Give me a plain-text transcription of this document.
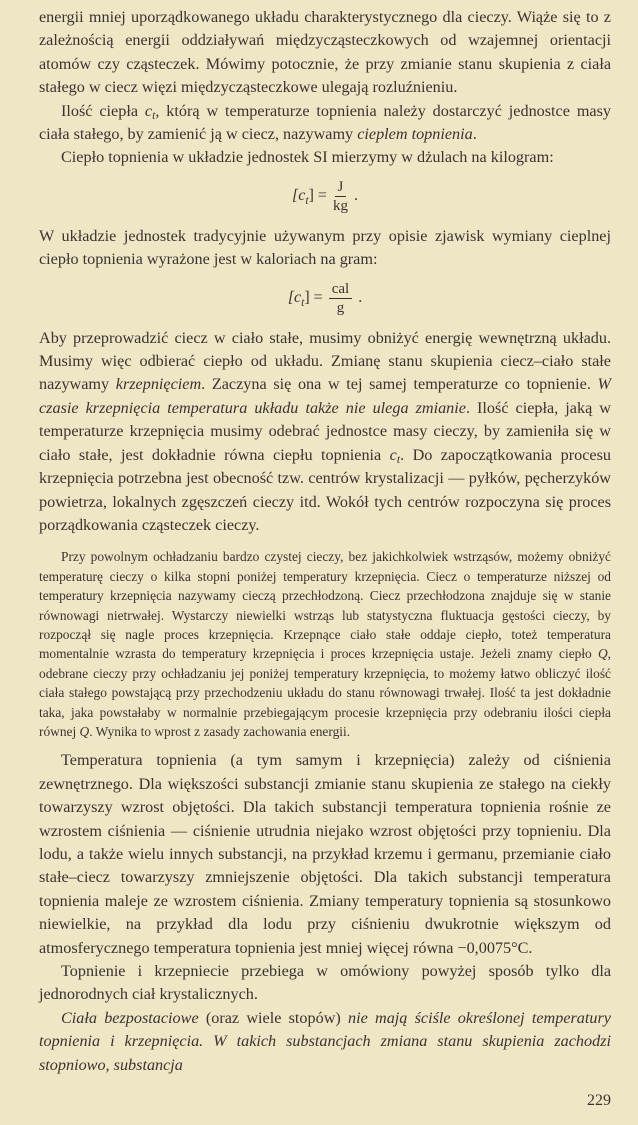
energii mniej uporządkowanego układu charakterystycznego dla cieczy. Wiąże się to z zależnością energii oddziaływań międzycząsteczkowych od wzajemnej orientacji atomów czy cząsteczek. Mówimy potocznie, że przy zmianie stanu skupienia z ciała stałego w ciecz więzi międzycząsteczkowe ulegają rozluźnieniu.

Ilość ciepła $c_t$, którą w temperaturze topnienia należy dostarczyć jednostce masy ciała stałego, by zamienić ją w ciecz, nazywamy cieplem topnienia.

Ciepło topnienia w układzie jednostek SI mierzymy w dżulach na kilogram:

$[c_t] = \frac{J}{kg}$ .

W układzie jednostek tradycyjnie używanym przy opisie zjawisk wymiany cieplnej ciepło topnienia wyrażone jest w kaloriach na gram:

$[c_t] = \frac{\text{cal}}{g}$ .

Aby przeprowadzić ciecz w ciało stałe, musimy obniżyć energię wewnętrzną układu. Musimy więc odbierać ciepło od układu. Zmianę stanu skupienia ciecz–ciało stałe nazywamy krzepnięciem. Zaczyna się ona w tej samej temperaturze co topnienie. W czasie krzepnięcia temperatura układu także nie ulega zmianie. Ilość ciepła, jaką w temperaturze krzepnięcia musimy odebrać jednostce masy cieczy, by zamieniła się w ciało stałe, jest dokładnie równa ciepłu topnienia $c_t$. Do zapoczątkowania procesu krzepnięcia potrzebna jest obecność tzw. centrów krystalizacji — pyłków, pęcherzyków powietrza, lokalnych zgęszczeń cieczy itd. Wokół tych centrów rozpoczyna się proces porządkowania cząsteczek cieczy.

Przy powolnym ochładzaniu bardzo czystej cieczy, bez jakichkolwiek wstrząsów, możemy obniżyć temperaturę cieczy o kilka stopni poniżej temperatury krzepnięcia. Ciecz o temperaturze niższej od temperatury krzepnięcia nazywamy cieczą przechłodzoną. Ciecz przechłodzona znajduje się w stanie równowagi nietrwałej. Wystarczy niewielki wstrząs lub statystyczna fluktuacja gęstości cieczy, by rozpoczął się nagle proces krzepnięcia. Krzepnące ciało stałe oddaje ciepło, toteż temperatura momentalnie wzrasta do temperatury krzepnięcia i proces krzepnięcia ustaje. Jeżeli znamy ciepło Q, odebrane cieczy przy ochładzaniu jej poniżej temperatury krzepnięcia, to możemy łatwo obliczyć ilość ciała stałego powstającą przy przechodzeniu układu do stanu równowagi trwałej. Ilość ta jest dokładnie taka, jaka powstałaby w normalnie przebiegającym procesie krzepnięcia przy odebraniu ilości ciepła równej Q. Wynika to wprost z zasady zachowania energii.

Temperatura topnienia (a tym samym i krzepnięcia) zależy od ciśnienia zewnętrznego. Dla większości substancji zmianie stanu skupienia ze stałego na ciekły towarzyszy wzrost objętości. Dla takich substancji temperatura topnienia rośnie ze wzrostem ciśnienia — ciśnienie utrudnia niejako wzrost objętości przy topnieniu. Dla lodu, a także wielu innych substancji, na przykład krzemu i germanu, przemianie ciało stałe–ciecz towarzyszy zmniejszenie objętości. Dla takich substancji temperatura topnienia maleje ze wzrostem ciśnienia. Zmiany temperatury topnienia są stosunkowo niewielkie, na przykład dla lodu przy ciśnieniu dwukrotnie większym od atmosferycznego temperatura topnienia jest mniej więcej równa −0,0075°C.

Topnienie i krzepniecie przebiega w omówiony powyżej sposób tylko dla jednorodnych ciał krystalicznych.

Ciała bezpostaciowe (oraz wiele stopów) nie mają ściśle określonej temperatury topnienia i krzepnięcia. W takich substancjach zmiana stanu skupienia zachodzi stopniowo, substancja

229
